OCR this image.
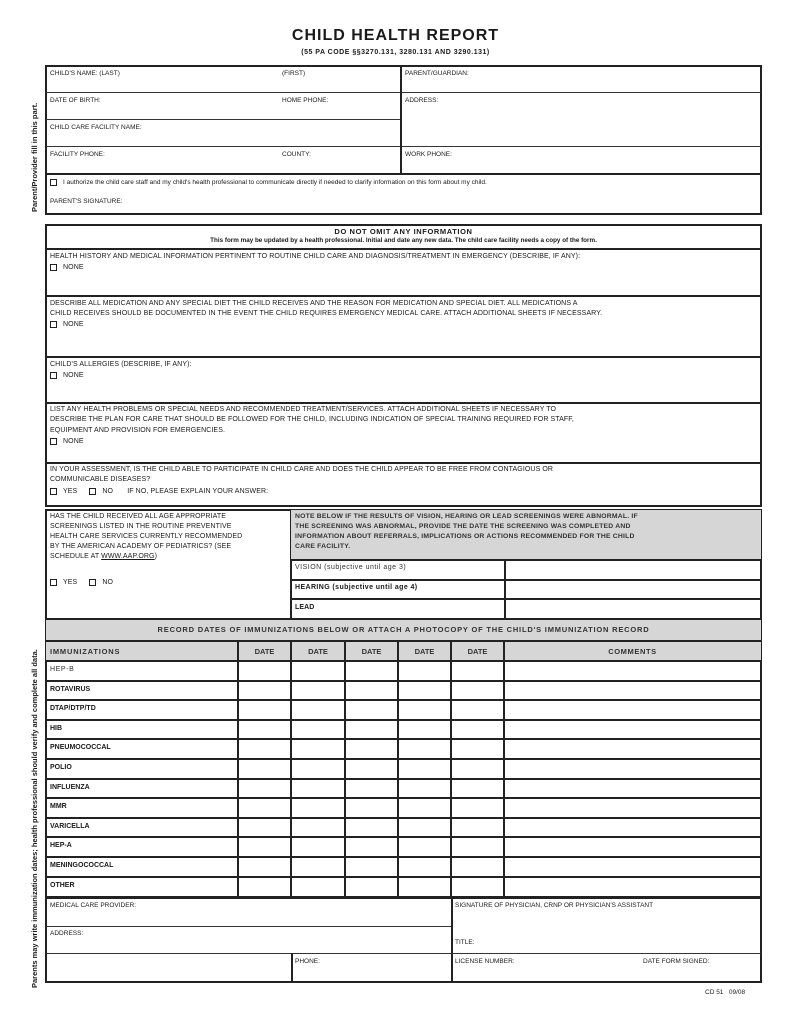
CHILD HEALTH REPORT
(55 PA CODE §§3270.131, 3280.131 AND 3290.131)
Parent/Provider fill in this part.
Parents may write immunization dates; health professional should verify and complete all data.
CHILD'S NAME: (LAST)	(FIRST)	PARENT/GUARDIAN:
DATE OF BIRTH:	HOME PHONE:	ADDRESS:
CHILD CARE FACILITY NAME:
FACILITY PHONE:	COUNTY:	WORK PHONE:
I authorize the child care staff and my child's health professional to communicate directly if needed to clarify information on this form about my child.
PARENT'S SIGNATURE:
DO NOT OMIT ANY INFORMATION
This form may be updated by a health professional. Initial and date any new data. The child care facility needs a copy of the form.
HEALTH HISTORY AND MEDICAL INFORMATION PERTINENT TO ROUTINE CHILD CARE AND DIAGNOSIS/TREATMENT IN EMERGENCY (DESCRIBE, IF ANY):
NONE
DESCRIBE ALL MEDICATION AND ANY SPECIAL DIET THE CHILD RECEIVES AND THE REASON FOR MEDICATION AND SPECIAL DIET. ALL MEDICATIONS A
CHILD RECEIVES SHOULD BE DOCUMENTED IN THE EVENT THE CHILD REQUIRES EMERGENCY MEDICAL CARE. ATTACH ADDITIONAL SHEETS IF NECESSARY.
NONE
CHILD'S ALLERGIES (DESCRIBE, IF ANY):
NONE
LIST ANY HEALTH PROBLEMS OR SPECIAL NEEDS AND RECOMMENDED TREATMENT/SERVICES. ATTACH ADDITIONAL SHEETS IF NECESSARY TO
DESCRIBE THE PLAN FOR CARE THAT SHOULD BE FOLLOWED FOR THE CHILD, INCLUDING INDICATION OF SPECIAL TRAINING REQUIRED FOR STAFF,
EQUIPMENT AND PROVISION FOR EMERGENCIES.
NONE
IN YOUR ASSESSMENT, IS THE CHILD ABLE TO PARTICIPATE IN CHILD CARE AND DOES THE CHILD APPEAR TO BE FREE FROM CONTAGIOUS OR
COMMUNICABLE DISEASES?
YES	NO IF NO, PLEASE EXPLAIN YOUR ANSWER:
HAS THE CHILD RECEIVED ALL AGE APPROPRIATE
SCREENINGS LISTED IN THE ROUTINE PREVENTIVE
HEALTH CARE SERVICES CURRENTLY RECOMMENDED
BY THE AMERICAN ACADEMY OF PEDIATRICS? (SEE
SCHEDULE AT WWW.AAP.ORG)
YES	NO
NOTE BELOW IF THE RESULTS OF VISION, HEARING OR LEAD SCREENINGS WERE ABNORMAL. IF
THE SCREENING WAS ABNORMAL, PROVIDE THE DATE THE SCREENING WAS COMPLETED AND
INFORMATION ABOUT REFERRALS, IMPLICATIONS OR ACTIONS RECOMMENDED FOR THE CHILD
CARE FACILITY.
VISION (subjective until age 3)
HEARING (subjective until age 4)
LEAD
RECORD DATES OF IMMUNIZATIONS BELOW OR ATTACH A PHOTOCOPY OF THE CHILD'S IMMUNIZATION RECORD
IMMUNIZATIONS	DATE	DATE	DATE	DATE	DATE	COMMENTS
HEP-B
ROTAVIRUS
DTAP/DTP/TD
HIB
PNEUMOCOCCAL
POLIO
INFLUENZA
MMR
VARICELLA
HEP-A
MENINGOCOCCAL
OTHER
MEDICAL CARE PROVIDER:
ADDRESS:
PHONE:
SIGNATURE OF PHYSICIAN, CRNP OR PHYSICIAN'S ASSISTANT
TITLE:
LICENSE NUMBER:	DATE FORM SIGNED:
CD 51   09/08
